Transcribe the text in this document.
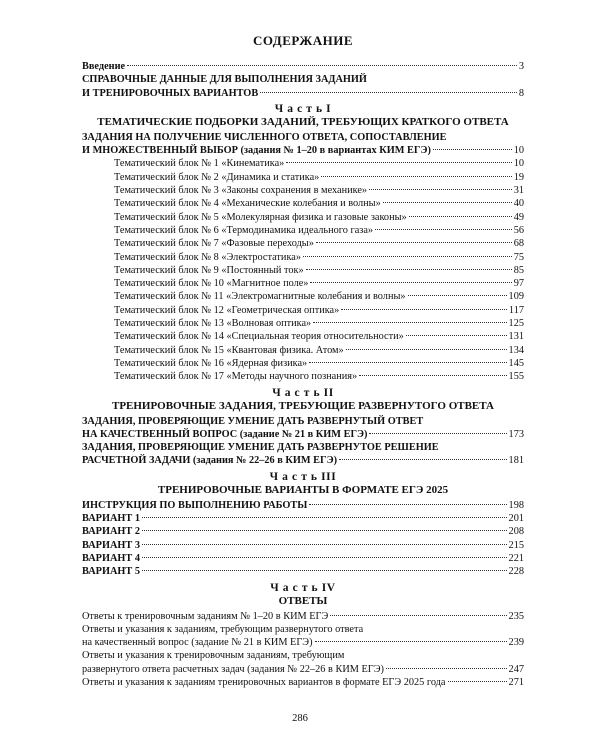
СОДЕРЖАНИЕ
Введение	3
СПРАВОЧНЫЕ ДАННЫЕ ДЛЯ ВЫПОЛНЕНИЯ ЗАДАНИЙ
И ТРЕНИРОВОЧНЫХ ВАРИАНТОВ	8
Ч а с т ь I
ТЕМАТИЧЕСКИЕ ПОДБОРКИ ЗАДАНИЙ, ТРЕБУЮЩИХ КРАТКОГО ОТВЕТА
ЗАДАНИЯ НА ПОЛУЧЕНИЕ ЧИСЛЕННОГО ОТВЕТА, СОПОСТАВЛЕНИЕ
И МНОЖЕСТВЕННЫЙ ВЫБОР (задания № 1–20 в вариантах КИМ ЕГЭ)	10
Тематический блок № 1 «Кинематика»	10
Тематический блок № 2 «Динамика и статика»	19
Тематический блок № 3 «Законы сохранения в механике»	31
Тематический блок № 4 «Механические колебания и волны»	40
Тематический блок № 5 «Молекулярная физика и газовые законы»	49
Тематический блок № 6 «Термодинамика идеального газа»	56
Тематический блок № 7 «Фазовые переходы»	68
Тематический блок № 8 «Электростатика»	75
Тематический блок № 9 «Постоянный ток»	85
Тематический блок № 10 «Магнитное поле»	97
Тематический блок № 11 «Электромагнитные колебания и волны»	109
Тематический блок № 12 «Геометрическая оптика»	117
Тематический блок № 13 «Волновая оптика»	125
Тематический блок № 14 «Специальная теория относительности»	131
Тематический блок № 15 «Квантовая физика. Атом»	134
Тематический блок № 16 «Ядерная физика»	145
Тематический блок № 17 «Методы научного познания»	155
Ч а с т ь II
ТРЕНИРОВОЧНЫЕ ЗАДАНИЯ, ТРЕБУЮЩИЕ РАЗВЕРНУТОГО ОТВЕТА
ЗАДАНИЯ, ПРОВЕРЯЮЩИЕ УМЕНИЕ ДАТЬ РАЗВЕРНУТЫЙ ОТВЕТ
НА КАЧЕСТВЕННЫЙ ВОПРОС (задание № 21 в КИМ ЕГЭ)	173
ЗАДАНИЯ, ПРОВЕРЯЮЩИЕ УМЕНИЕ ДАТЬ РАЗВЕРНУТОЕ РЕШЕНИЕ
РАСЧЕТНОЙ ЗАДАЧИ (задания № 22–26 в КИМ ЕГЭ)	181
Ч а с т ь III
ТРЕНИРОВОЧНЫЕ ВАРИАНТЫ В ФОРМАТЕ ЕГЭ 2025
ИНСТРУКЦИЯ ПО ВЫПОЛНЕНИЮ РАБОТЫ	198
ВАРИАНТ 1	201
ВАРИАНТ 2	208
ВАРИАНТ 3	215
ВАРИАНТ 4	221
ВАРИАНТ 5	228
Ч а с т ь IV
ОТВЕТЫ
Ответы к тренировочным заданиям № 1–20 в КИМ ЕГЭ	235
Ответы и указания к заданиям, требующим развернутого ответа
на качественный вопрос (задание № 21 в КИМ ЕГЭ)	239
Ответы и указания к тренировочным заданиям, требующим
развернутого ответа расчетных задач (задания № 22–26 в КИМ ЕГЭ)	247
Ответы и указания к заданиям тренировочных вариантов в формате ЕГЭ 2025 года	271
286
